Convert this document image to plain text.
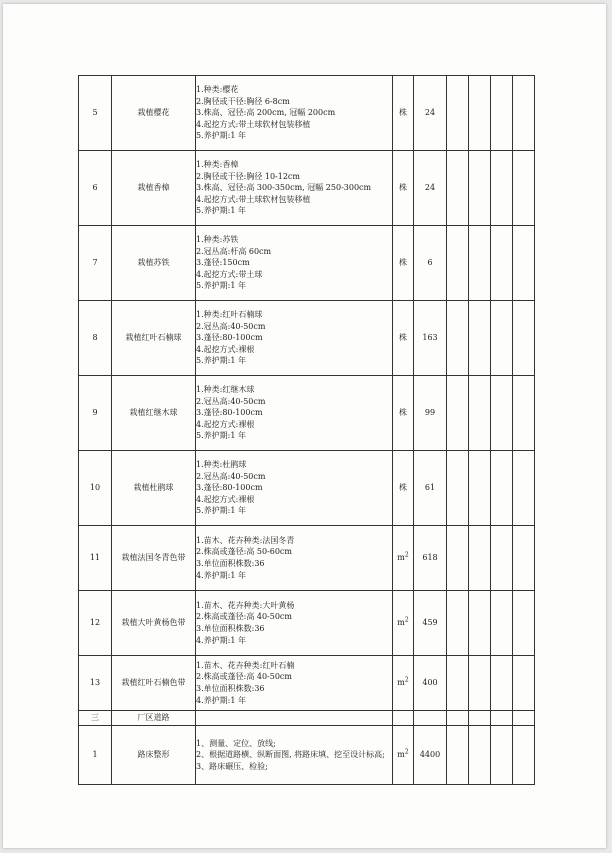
5	栽植樱花	1.种类:樱花
2.胸径或干径:胸径 6-8cm
3.株高、冠径:高 200cm, 冠幅 200cm
4.起挖方式:带土球软材包装移植
5.养护期:1 年	株	24				
6	栽植香樟	1.种类:香樟
2.胸径或干径:胸径 10-12cm
3.株高、冠径:高 300-350cm, 冠幅 250-300cm
4.起挖方式:带土球软材包装移植
5.养护期:1 年	株	24				
7	栽植苏铁	1.种类:苏铁
2.冠丛高:杆高 60cm
3.蓬径:150cm
4.起挖方式:带土球
5.养护期:1 年	株	6				
8	栽植红叶石楠球	1.种类:红叶石楠球
2.冠丛高:40-50cm
3.蓬径:80-100cm
4.起挖方式:裸根
5.养护期:1 年	株	163				
9	栽植红继木球	1.种类:红继木球
2.冠丛高:40-50cm
3.蓬径:80-100cm
4.起挖方式:裸根
5.养护期:1 年	株	99				
10	栽植杜鹃球	1.种类:杜鹃球
2.冠丛高:40-50cm
3.蓬径:80-100cm
4.起挖方式:裸根
5.养护期:1 年	株	61				
11	栽植法国冬青色带	1.苗木、花卉种类:法国冬青
2.株高或蓬径:高 50-60cm
3.单位面积株数:36
4.养护期:1 年	$m^2$	618				
12	栽植大叶黄杨色带	1.苗木、花卉种类:大叶黄杨
2.株高或蓬径:高 40-50cm
3.单位面积株数:36
4.养护期:1 年	$m^2$	459				
13	栽植红叶石楠色带	1.苗木、花卉种类:红叶石楠
2.株高或蓬径:高 40-50cm
3.单位面积株数:36
4.养护期:1 年	$m^2$	400				
三	厂区道路							
1	路床整形	1、测量、定位、放线;
2、根据道路横、纵断面图, 将路床填、挖至设计标高;
3、路床碾压、检验;	$m^2$	4400				
